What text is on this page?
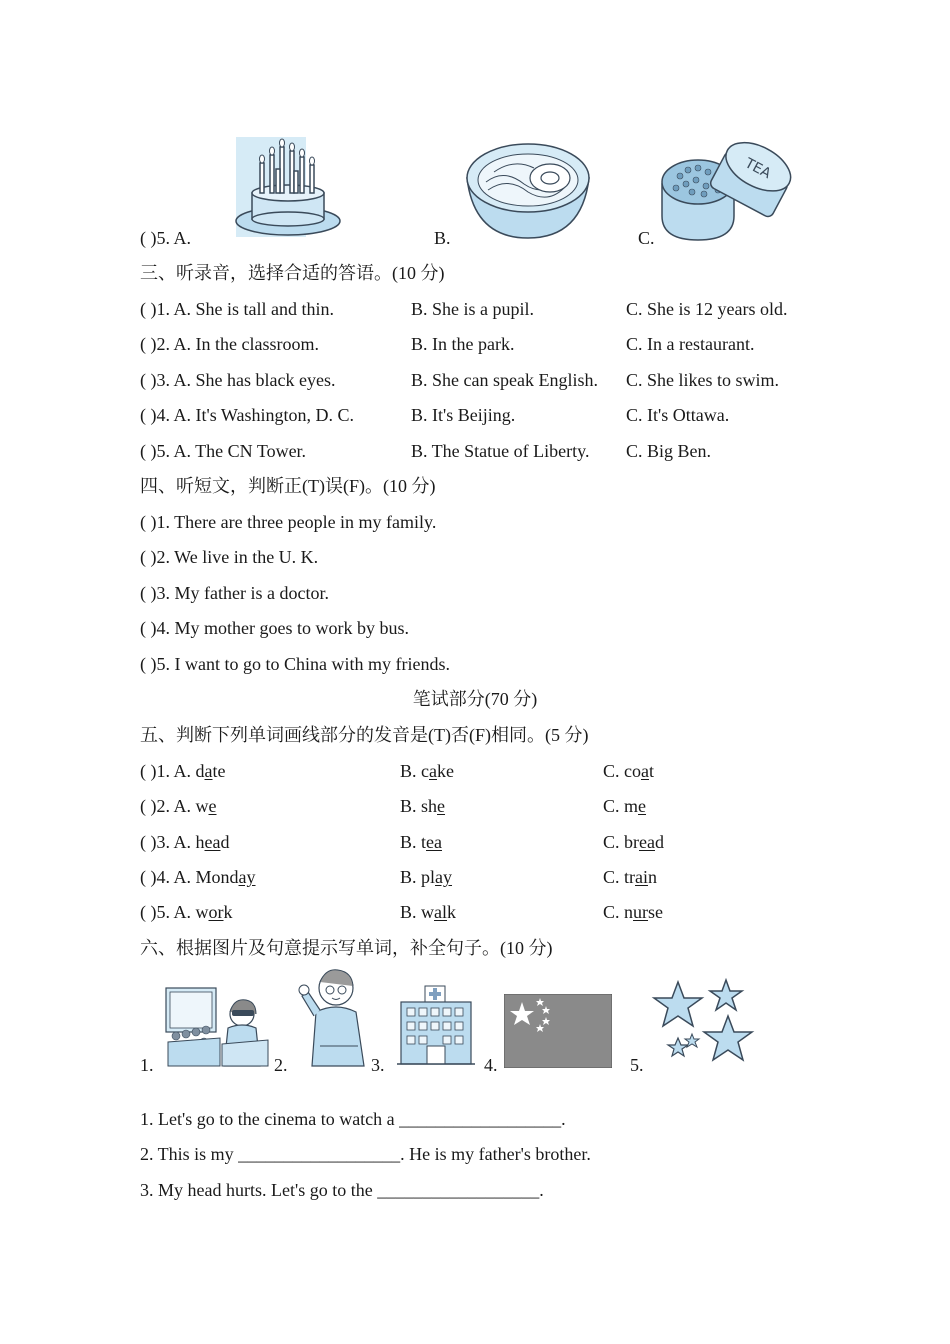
( )5. A.	B.	C.
TEA
三、听录音，选择合适的答语。(10 分)
( )1. A. She is tall and thin.	B. She is a pupil.	C. She is 12 years old.
( )2. A. In the classroom.	B. In the park.	C. In a restaurant.
( )3. A. She has black eyes.	B. She can speak English. C. She likes to swim.
( )4. A. It's Washington, D. C.	B. It's Beijing.	C. It's Ottawa.
( )5. A. The CN Tower.	B. The Statue of Liberty. C. Big Ben.
四、听短文，判断正(T)误(F)。(10 分)
( )1. There are three people in my family.
( )2. We live in the U. K.
( )3. My father is a doctor.
( )4. My mother goes to work by bus.
( )5. I want to go to China with my friends.
笔试部分(70 分)
五、判断下列单词画线部分的发音是(T)否(F)相同。(5 分)
( )1. A. date	B. cake	C. coat
( )2. A. we	B. she	C. me
( )3. A. head	B. tea	C. bread
( )4. A. Monday	B. play	C. train
( )5. A. work	B. walk	C. nurse
六、根据图片及句意提示写单词，补全句子。(10 分)
1.	2.	3.	4.	5.
1. Let's go to the cinema to watch a __________________.
2. This is my __________________. He is my father's brother.
3. My head hurts. Let's go to the __________________.
